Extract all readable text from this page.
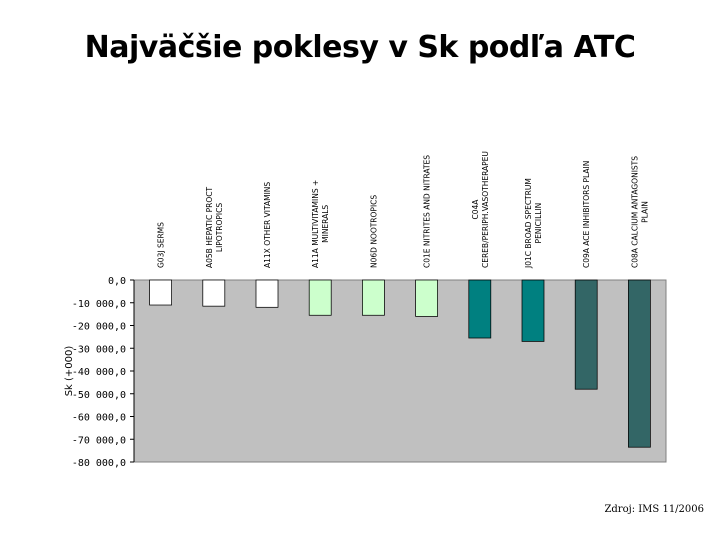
Najväčšie poklesy v Sk podľa ATC
0,0
-10 000,0
-20 000,0
-30 000,0
-40 000,0
-50 000,0
-60 000,0
-70 000,0
-80 000,0
Sk (+000)
G03J SERMS	A05B HEPATIC PROCT LIPOTROPICS	A11X OTHER VITAMINS	A11A MULTIVITAMINS + MINERALS	N06D NOOTROPICS	C01E NITRITES AND NITRATES	C04A CEREB/PERIPH.VASOTHERAPEU	J01C BROAD SPECTRUM PENICILLIN	C09A ACE INHIBITORS PLAIN	C08A CALCIUM ANTAGONISTS PLAIN
Zdroj: IMS 11/2006
